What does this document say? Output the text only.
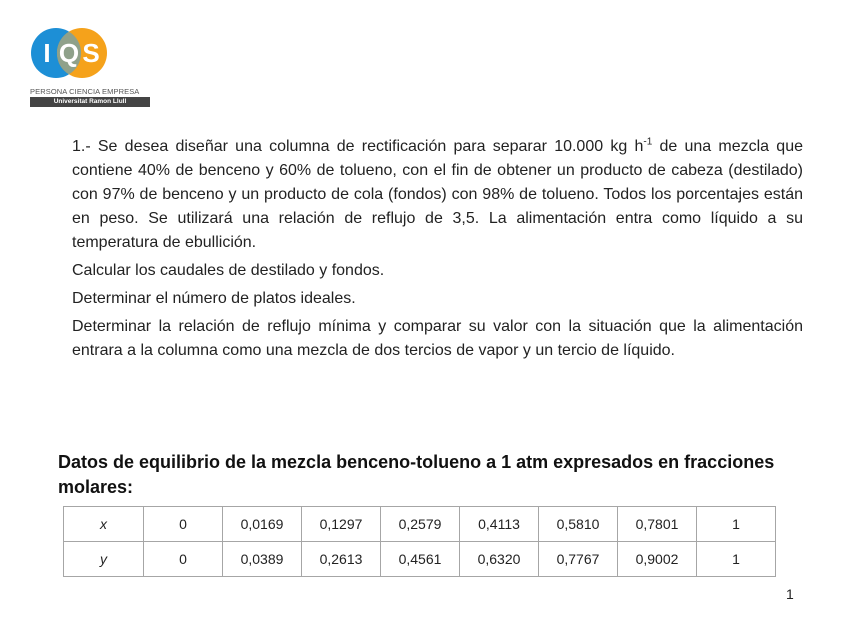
I Q S
PERSONA CIENCIA EMPRESA
Universitat Ramon Llull

1.- Se desea diseñar una columna de rectificación para separar 10.000 kg $h^{-1}$ de una mezcla que contiene 40% de benceno y 60% de tolueno, con el fin de obtener un producto de cabeza (destilado) con 97% de benceno y un producto de cola (fondos) con 98% de tolueno. Todos los porcentajes están en peso. Se utilizará una relación de reflujo de 3,5. La alimentación entra como líquido a su temperatura de ebullición.

Calcular los caudales de destilado y fondos.

Determinar el número de platos ideales.

Determinar la relación de reflujo mínima y comparar su valor con la situación que la alimentación entrara a la columna como una mezcla de dos tercios de vapor y un tercio de líquido.

Datos de equilibrio de la mezcla benceno-tolueno a 1 atm expresados en fracciones molares:
x	0	0,0169	0,1297	0,2579	0,4113	0,5810	0,7801	1
y	0	0,0389	0,2613	0,4561	0,6320	0,7767	0,9002	1
1
